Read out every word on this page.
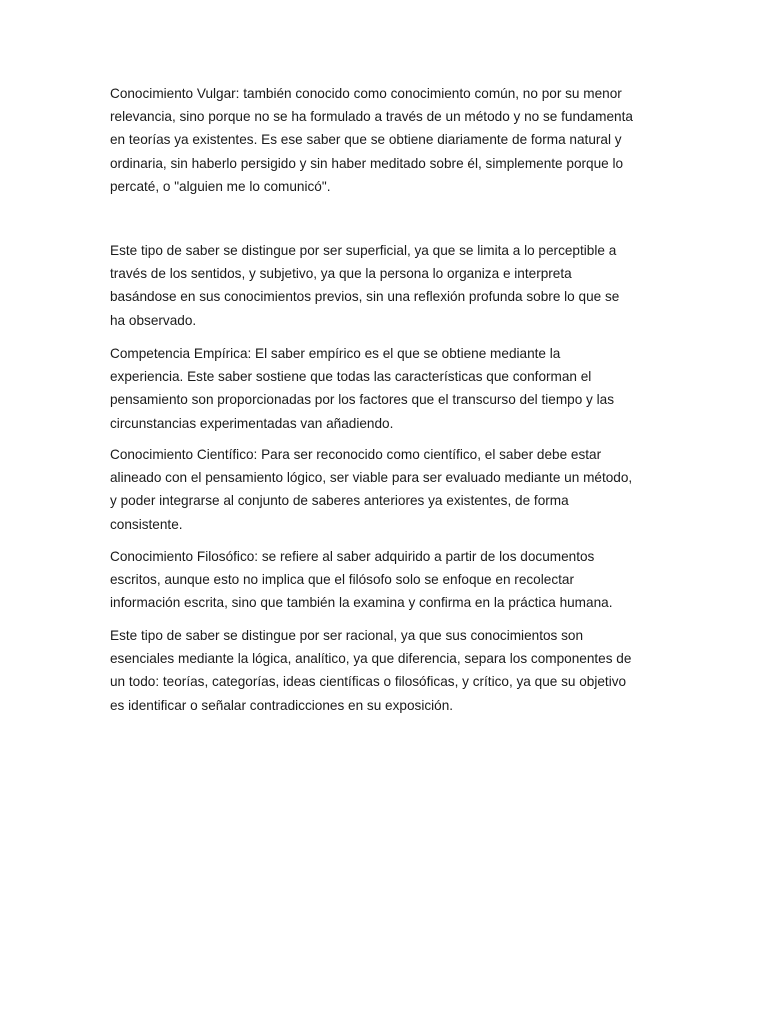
Conocimiento Vulgar: también conocido como conocimiento común, no por su menor
relevancia, sino porque no se ha formulado a través de un método y no se fundamenta
en teorías ya existentes. Es ese saber que se obtiene diariamente de forma natural y
ordinaria, sin haberlo persigido y sin haber meditado sobre él, simplemente porque lo
percaté, o "alguien me lo comunicó".

Este tipo de saber se distingue por ser superficial, ya que se limita a lo perceptible a
través de los sentidos, y subjetivo, ya que la persona lo organiza e interpreta
basándose en sus conocimientos previos, sin una reflexión profunda sobre lo que se
ha observado.

Competencia Empírica: El saber empírico es el que se obtiene mediante la
experiencia. Este saber sostiene que todas las características que conforman el
pensamiento son proporcionadas por los factores que el transcurso del tiempo y las
circunstancias experimentadas van añadiendo.

Conocimiento Científico: Para ser reconocido como científico, el saber debe estar
alineado con el pensamiento lógico, ser viable para ser evaluado mediante un método,
y poder integrarse al conjunto de saberes anteriores ya existentes, de forma
consistente.

Conocimiento Filosófico: se refiere al saber adquirido a partir de los documentos
escritos, aunque esto no implica que el filósofo solo se enfoque en recolectar
información escrita, sino que también la examina y confirma en la práctica humana.

Este tipo de saber se distingue por ser racional, ya que sus conocimientos son
esenciales mediante la lógica, analítico, ya que diferencia, separa los componentes de
un todo: teorías, categorías, ideas científicas o filosóficas, y crítico, ya que su objetivo
es identificar o señalar contradicciones en su exposición.
